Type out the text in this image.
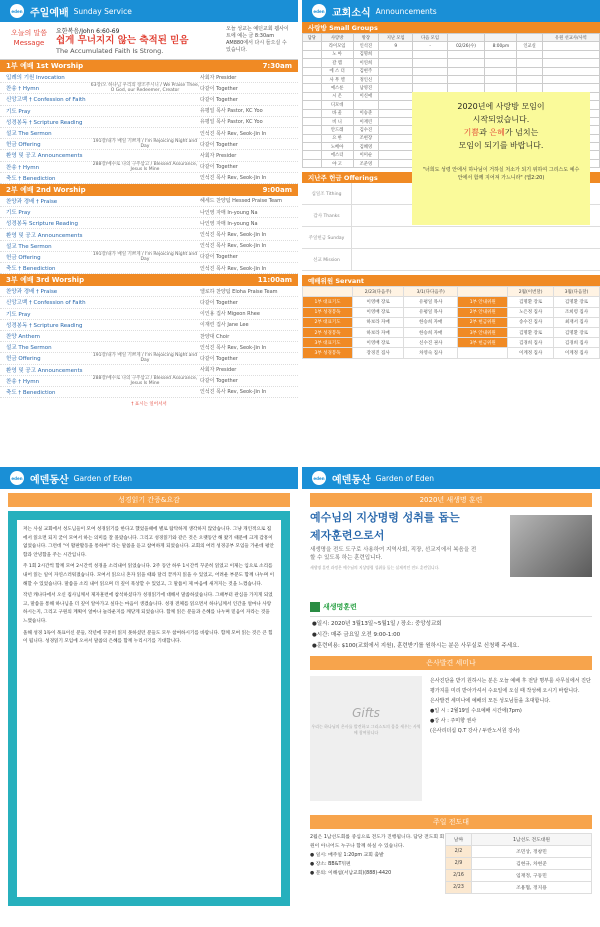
eden 주일예배 Sunday Service
오늘의 말씀 Message
요한복음/John 6:60-69
쉽게 무너지지 않는 축적된 믿음
The Accumulated Faith Is Strong.
오늘 성교는 예던교회 웹사이트에 예는 금 8:30am AM880에서 다시 들으실 수 있습니다.
1부 예배 1st Worship	7:30am
입례의 기원 Invocation	사회자 Presider
찬송 † Hymn
63장/오 하나님 우리의 창조주시니 / We Praise Thee, O God, our Redeemer, Creator	다같이 Together
신앙고백 † Confession of Faith	다같이 Together
기도 Pray	유평일 목사 Pastor, KC Yoo
성경봉독 † Scripture Reading	유평일 목사 Pastor, KC Yoo
설교 The Sermon	인석진 목사 Rev, Seok-Jin In
헌금 Offering
191장/내가 매일 기쁘게 / I'm Rejoicing Night and Day	다같이 Together
환영 및 공고 Announcements	사회자 Presider
찬송 † Hymn
288장/예수로 나의 구주삼고 / Blessed Assurance, Jesus Is Mine	다같이 Together
축도 † Benediction	인석진 목사 Rev, Seok-Jin In
2부 예배 2nd Worship	9:00am
찬양과 경배 † Praise	헤세드 찬양팀 Hessed Praise Team
기도 Pray	나인영 자매 In-young Na
성경봉독 Scripture Reading	나인영 자매 In-young Na
환영 및 공고 Announcements	인석진 목사 Rev, Seok-Jin In
설교 The Sermon	인석진 목사 Rev, Seok-Jin In
헌금 Offering
191장/내가 매일 기쁘게 / I'm Rejoicing Night and Day	다같이 Together
축도 † Benediction	인석진 목사 Rev, Seok-Jin In
3부 예배 3rd Worship	11:00am
찬양과 경배 † Praise	엘로하 찬양팀 Eloha Praise Team
신앙고백 † Confession of Faith	다같이 Together
기도 Pray	이인용 집사 Migeon Rhee
성경봉독 † Scripture Reading	이재린 집사 Jane Lee
찬양 Anthem	찬양대 Choir
설교 The Sermon	인석진 목사 Rev, Seok-Jin In
헌금 Offering
191장/내가 매일 기쁘게 / I'm Rejoicing Night and Day	다같이 Together
환영 및 공고 Announcements	사회자 Presider
찬송 † Hymn
288장/예수로 나의 구주삼고 / Blessed Assurance, Jesus Is Mine	다같이 Together
축도 † Benediction	인석진 목사 Rev, Seok-Jin In
† 표시는 일어서서
eden 교회소식 Announcements
사랑방 Small Groups
담당	사랑방	방장	지난 모임	다음 모임				유원 선교사/사역
	라이모임	인석진	9	-	02/26(수)	8:00pm	인교실	
	노 아	김명희						
	갈 렙	이연희						
	에 스 더	김현주						
	사 무 엘	정인신						
	예스룬	남영진						
	시 온	이신애						
	디모데							
	바 울	이승준						
	비 니	이재린						
	안드레	김수진						
	요 한	조현장						
	노베아	김혜영						
	에스더	이미순						
	야 고	조준영						

2020년에 사랑방 모임이

시작되었습니다.

기쁨과 은혜가 넘치는

모임이 되기를 바랍니다.

"너희도 성령 안에서 하나님이 거하실 처소가 되기 위하여 그리스도 예수 안에서 함께 지어져 가느니라" (엡2:20)

지난주 헌금 Offerings
십일조 Tithing
감사 Thanks
주일헌금 Sunday
선교 Mission
예배위원 Servant
	2/23(다음주)	3/1(다다음주)		2월(이번달)	3월(다음달)
1부 대표기도	이영배 장로	유평일 목사	1부 안내위원	김명환 장로	김명환 장로
1부 성경봉독	이영배 장로	유평일 목사	2부 안내위원	노은정 집사	조희령 집사
2부 대표기도	하보라 자매	한승희 자매	2부 헌금위원	송수진 집사	최재서 집사
2부 성경봉독	하보라 자매	한승희 자매	3부 안내위원	김명환 장로	김명환 장로
3부 대표기도	이영배 장로	신수진 권사	3부 헌금위원	김경희 집사	김경희 집사
3부 성경봉독	장경진 집사	차영숙 집사		이계정 집사	이계정 집사
eden 예덴동산 Garden of Eden
성경읽기 간증&요감

저는 사실 교회에서 성도님들이 모여 성경읽기를 한다고 했었을때에 별로 탐탁하게 생각하지 않았습니다. 그냥 개인적으로 집에서 읽으면 되지 굳이 모여서 하는 의미를 잘 몰랐습니다. 그리고 성경읽기와 같은 것은 오랫동안 해 왔기 때문에 크게 감흥이 없었습니다. 그런데 "이 활판활동을 통하여" 라는 말씀을 듣고 참여하게 되었습니다. 교회의 여러 성경공부 모임들 가운데 평안함과 안녕함을 주는 시간입니다.

주 1회 2시간씩 함께 모여 2시간씩 성경을 소리내어 읽었습니다. 2주 동안 하루 1시간씩 꾸준히 읽었고 이제는 입으로 소리를 내어 읽는 일이 자연스러워졌습니다. 모여서 읽으니 혼자 읽을 때와 달리 끝까지 읽을 수 있었고, 어려운 부분도 함께 나누며 이해할 수 있었습니다. 말씀을 소리 내어 읽으며 더 깊이 묵상할 수 있었고, 그 말씀이 제 마음에 새겨지는 것을 느꼈습니다.

작년 캐나다에서 오신 집사님께서 제자훈련에 참석하셨다가 성경읽기에 대해서 말씀하셨습니다. 그때부터 관심을 가지게 되었고, 말씀을 통해 하나님을 더 깊이 알아가고 싶다는 마음이 생겼습니다. 성경 전체를 읽으면서 하나님께서 인간을 얼마나 사랑하시는지, 그리고 구원의 계획이 얼마나 놀라운지를 깨닫게 되었습니다. 함께 읽은 분들과 은혜를 나누며 믿음이 자라는 것을 느꼈습니다.

올해 성경 1독이 목표이신 분들, 작년에 꾸준히 읽지 못하셨던 분들도 모두 참여하시기를 바랍니다. 함께 모여 읽는 것은 큰 힘이 됩니다. 성경읽기 모임에 오셔서 말씀의 은혜를 함께 누리시기를 기대합니다.

eden 예덴동산 Garden of Eden
2020년 새생명 훈련
예수님의 지상명령 성취를 돕는
제자훈련으로서
새생명을 전도 도구로 사용하여 지역사회, 직장, 선교지에서 복음을 전할 수 있도록 하는 훈련입니다.
새생명 훈련 과정은 예수님의 지상명령 성취를 돕는 실제적인 전도 훈련입니다.
새생명훈련
●일시: 2020년 3월13일~5월1일 / 장소: 중앙성교회
●시간: 매주 금요일 오전 9:00-1:00
●훈련비용: $100(교회에서 지원), 훈련받기를 원하시는 분은 사무실로 신청해 주세요.
은사발견 세미나
Gifts
우리는 하나님의 은사를 발견하고 그리스도의 몸을 세우는 사역에 참여합니다
은사진단을 받기 원하시는 분은 오늘 예배 후 전달 명부를 사무실에서 진단평가지를 미리 받아가셔서 수요일에 오실 때 작성해 오시기 바랍니다.
은사발견 세미나에 예배의 모든 성도님들을 초대합니다.
●일 시 : 2월19일 수요예배 시간에(7pm)
●강 사 : 주미향 권사
(은사리더십 Q.T 강사 / 두란노서원 강사)
주일 전도대
2월은 1남선도회를 중심으로 전도가 진행됩니다. 담당 전도회 회원이 아니어도 누구나 함께 하실 수 있습니다.
● 일시: 매주일 1:20pm 교회 출발
● 장소: BB&T뒤편
● 문의: 이해섭(서남교회)(888)-4420
날짜	1남선도 전도대원
2/2	조민상, 정창민
2/9	김현규, 차현준
2/16	임재정, 구동민
2/23	조용협, 정지용
